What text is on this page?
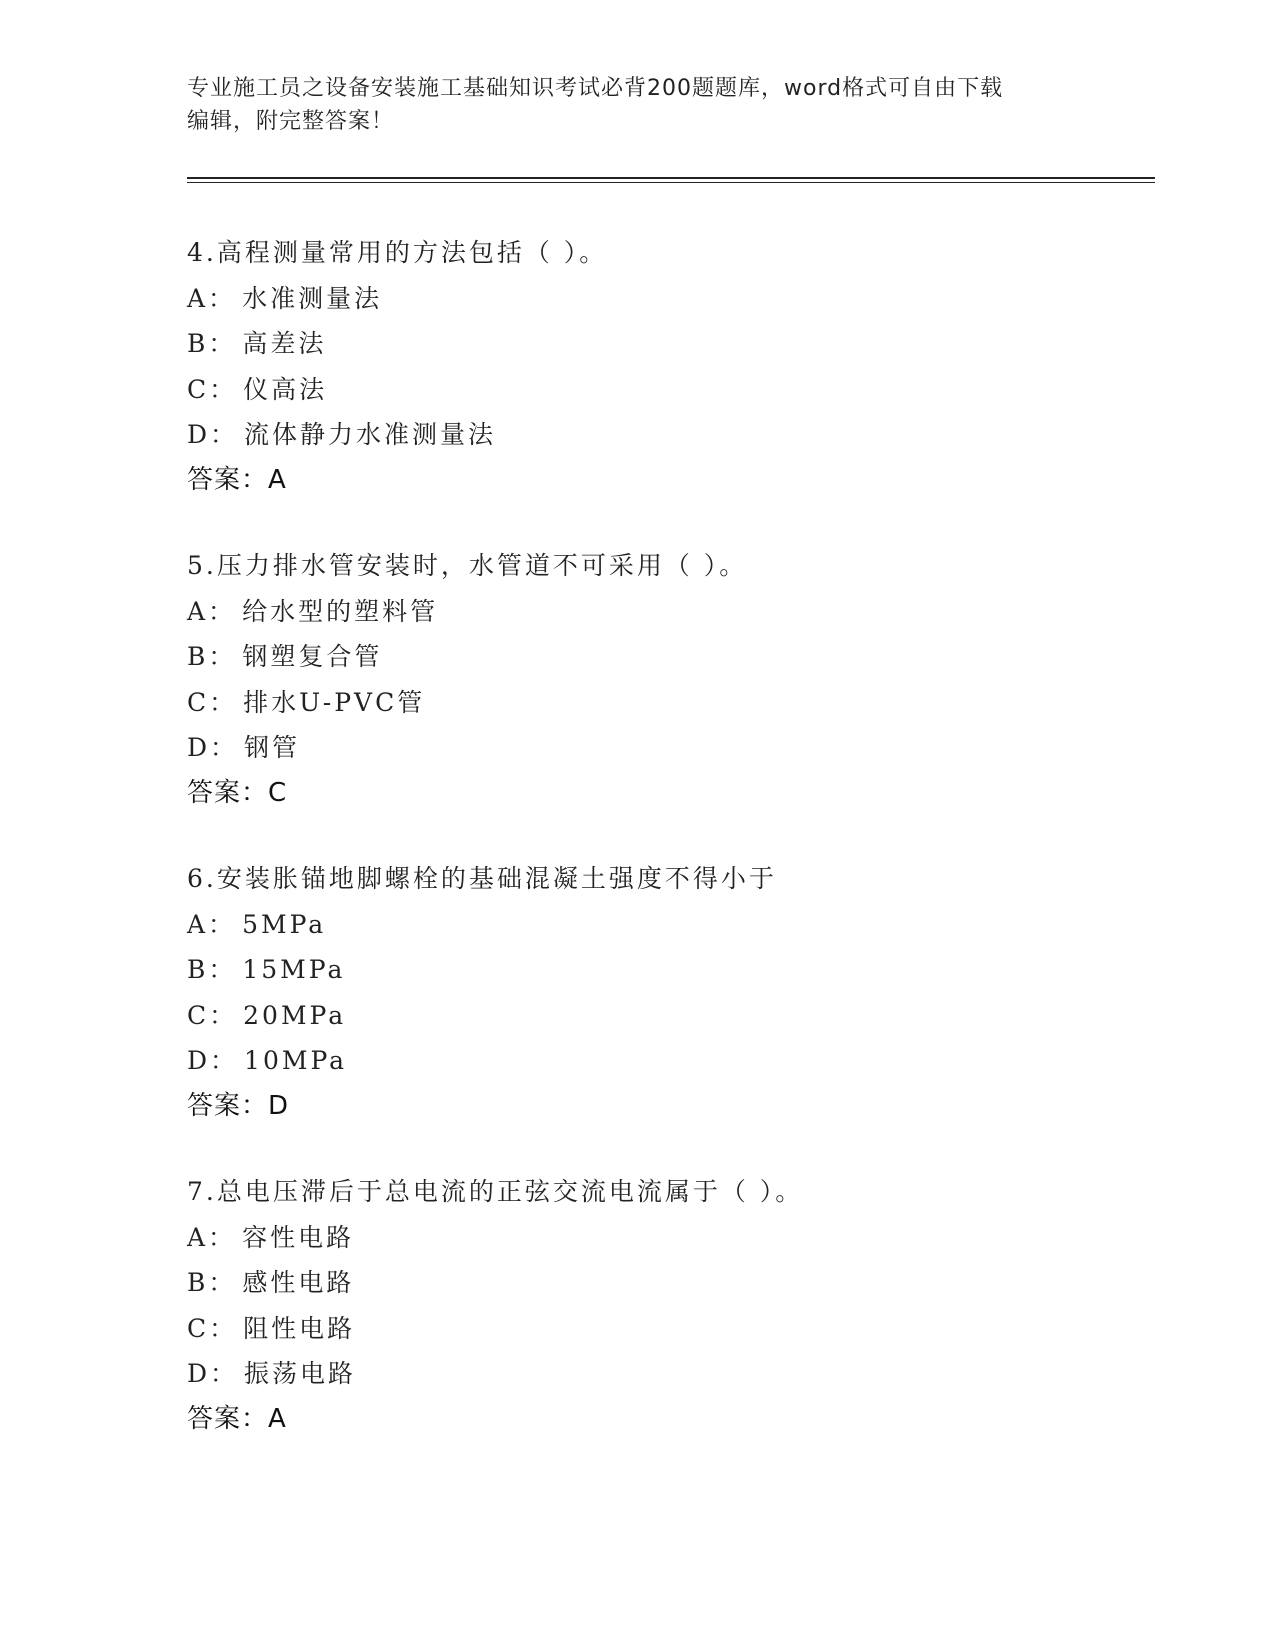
专业施工员之设备安装施工基础知识考试必背200题题库，word格式可自由下载
编辑，附完整答案！
4.高程测量常用的方法包括（ ）。
A： 水准测量法
B： 高差法
C： 仪高法
D： 流体静力水准测量法
答案：A
5.压力排水管安装时，水管道不可采用（ ）。
A： 给水型的塑料管
B： 钢塑复合管
C： 排水U-PVC管
D： 钢管
答案：C
6.安装胀锚地脚螺栓的基础混凝土强度不得小于
A： 5MPa
B： 15MPa
C： 20MPa
D： 10MPa
答案：D
7.总电压滞后于总电流的正弦交流电流属于（ ）。
A： 容性电路
B： 感性电路
C： 阻性电路
D： 振荡电路
答案：A
